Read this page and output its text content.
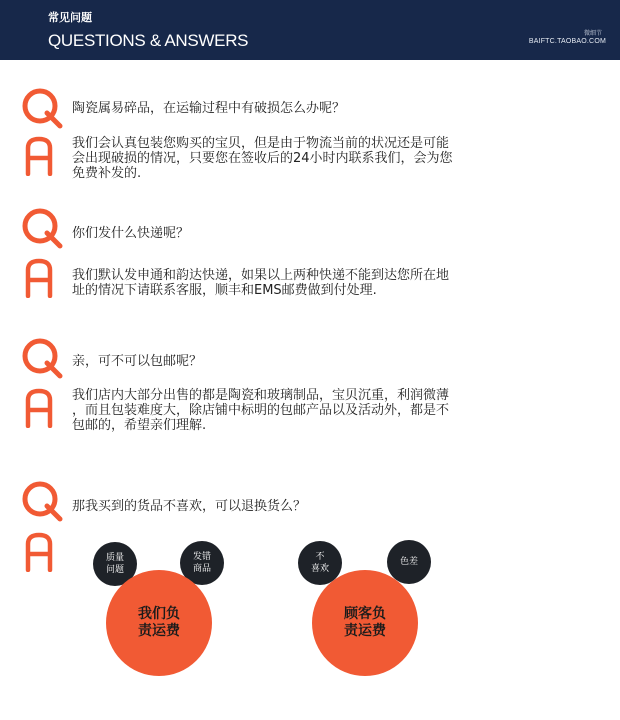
常见问题
QUESTIONS & ANSWERS	微细节
BAIFTC.TAOBAO.COM
陶瓷属易碎品，在运输过程中有破损怎么办呢？
我们会认真包装您购买的宝贝，但是由于物流当前的状况还是可能
会出现破损的情况，只要您在签收后的24小时内联系我们，会为您
免费补发的.
你们发什么快递呢？
我们默认发申通和韵达快递，如果以上两种快递不能到达您所在地
址的情况下请联系客服，顺丰和EMS邮费做到付处理.
亲，可不可以包邮呢？
我们店内大部分出售的都是陶瓷和玻璃制品，宝贝沉重，利润微薄
，而且包装难度大，除店铺中标明的包邮产品以及活动外，都是不
包邮的，希望亲们理解.
那我买到的货品不喜欢，可以退换货么？
质量
问题
发错
商品
我们负
责运费
不
喜欢
色差
顾客负
责运费
